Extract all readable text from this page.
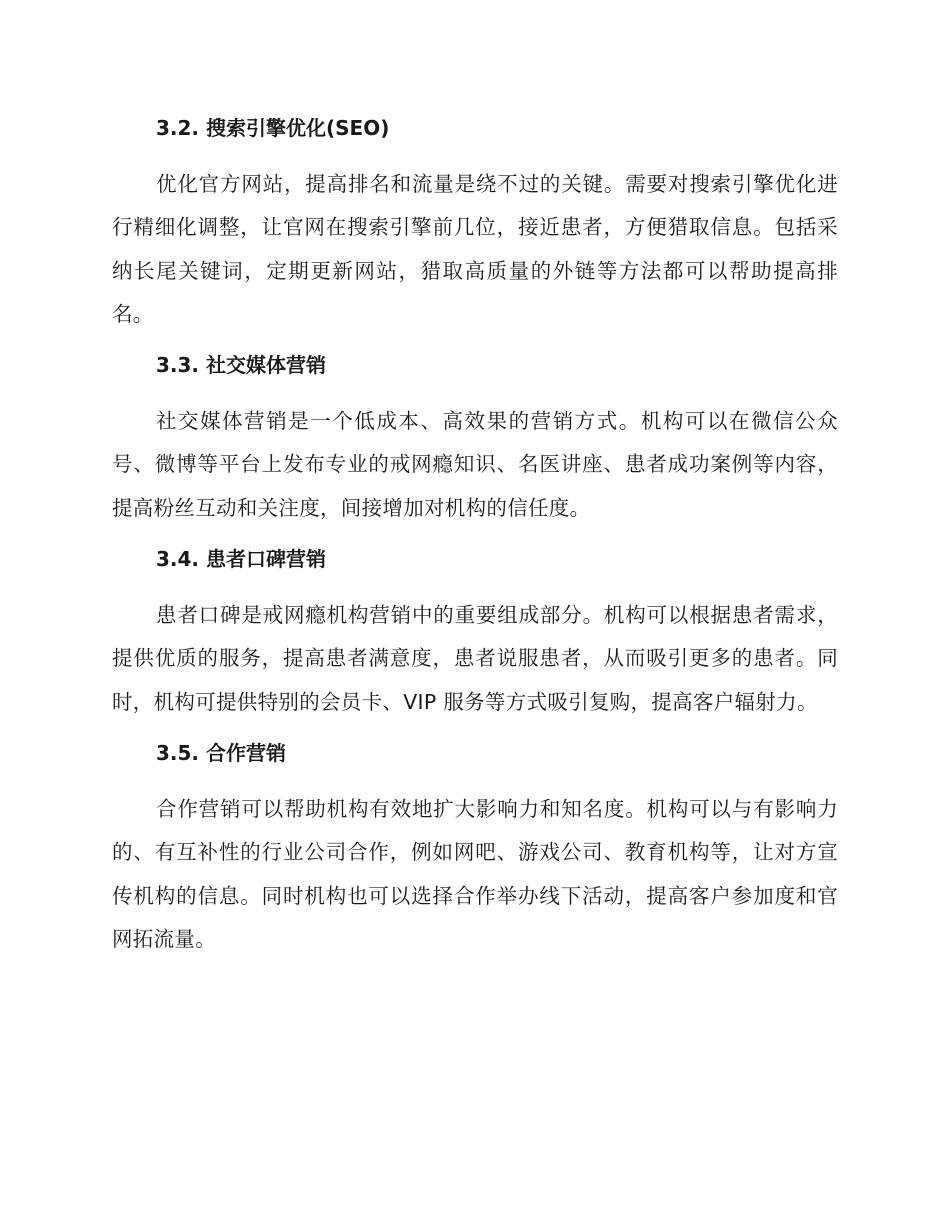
3.2. 搜索引擎优化(SEO)

优化官方网站，提高排名和流量是绕不过的关键。需要对搜索引擎优化进行精细化调整，让官网在搜索引擎前几位，接近患者，方便猎取信息。包括采纳长尾关键词，定期更新网站，猎取高质量的外链等方法都可以帮助提高排名。

3.3. 社交媒体营销

社交媒体营销是一个低成本、高效果的营销方式。机构可以在微信公众号、微博等平台上发布专业的戒网瘾知识、名医讲座、患者成功案例等内容，提高粉丝互动和关注度，间接增加对机构的信任度。

3.4. 患者口碑营销

患者口碑是戒网瘾机构营销中的重要组成部分。机构可以根据患者需求，提供优质的服务，提高患者满意度，患者说服患者，从而吸引更多的患者。同时，机构可提供特别的会员卡、VIP 服务等方式吸引复购，提高客户辐射力。

3.5. 合作营销

合作营销可以帮助机构有效地扩大影响力和知名度。机构可以与有影响力的、有互补性的行业公司合作，例如网吧、游戏公司、教育机构等，让对方宣传机构的信息。同时机构也可以选择合作举办线下活动，提高客户参加度和官网拓流量。
